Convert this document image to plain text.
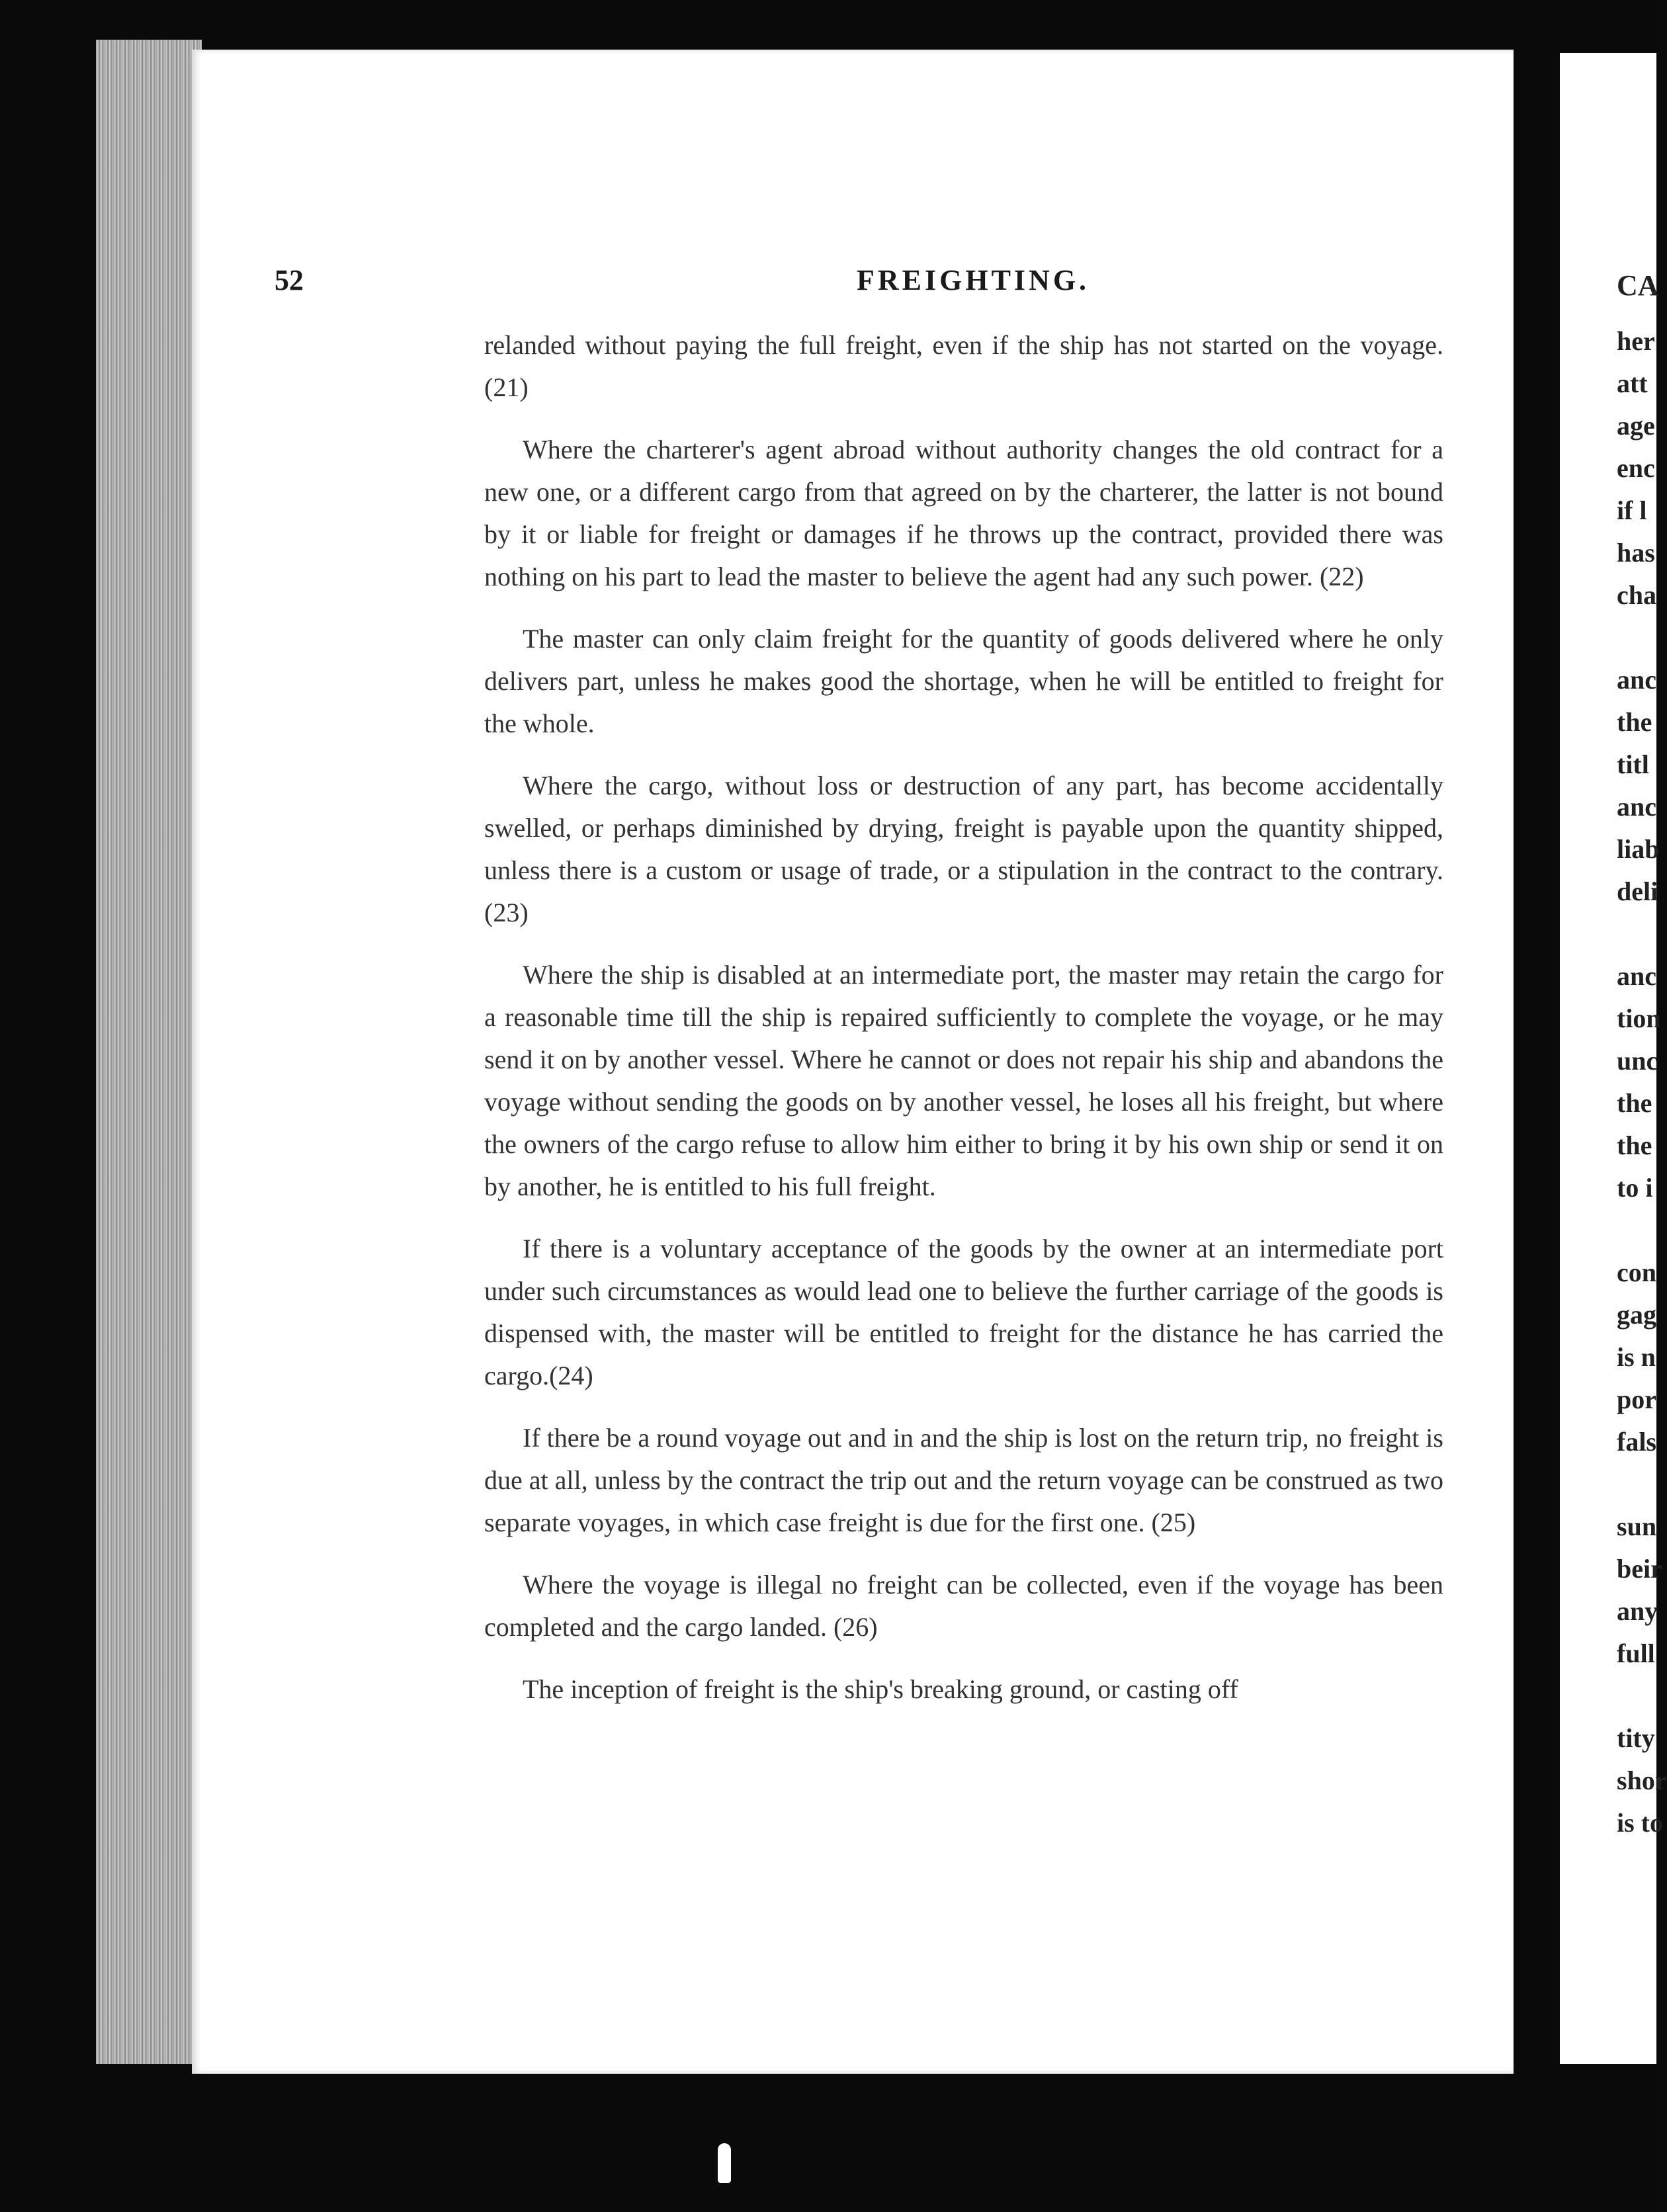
52	FREIGHTING.

relanded without paying the full freight, even if the ship has not started on the voyage. (21)

Where the charterer's agent abroad without authority changes the old contract for a new one, or a different cargo from that agreed on by the charterer, the latter is not bound by it or liable for freight or damages if he throws up the contract, provided there was nothing on his part to lead the master to believe the agent had any such power. (22)

The master can only claim freight for the quantity of goods delivered where he only delivers part, unless he makes good the shortage, when he will be entitled to freight for the whole.

Where the cargo, without loss or destruction of any part, has become accidentally swelled, or perhaps diminished by drying, freight is payable upon the quantity shipped, unless there is a custom or usage of trade, or a stipulation in the contract to the contrary. (23)

Where the ship is disabled at an intermediate port, the master may retain the cargo for a reasonable time till the ship is repaired sufficiently to complete the voyage, or he may send it on by another vessel. Where he cannot or does not repair his ship and abandons the voyage without sending the goods on by another vessel, he loses all his freight, but where the owners of the cargo refuse to allow him either to bring it by his own ship or send it on by another, he is entitled to his full freight.

If there is a voluntary acceptance of the goods by the owner at an intermediate port under such circumstances as would lead one to believe the further carriage of the goods is dispensed with, the master will be entitled to freight for the distance he has carried the cargo.(24)

If there be a round voyage out and in and the ship is lost on the return trip, no freight is due at all, unless by the contract the trip out and the return voyage can be construed as two separate voyages, in which case freight is due for the first one. (25)

Where the voyage is illegal no freight can be collected, even if the voyage has been completed and the cargo landed. (26)

The inception of freight is the ship's breaking ground, or casting off

CA
her
att
age
enc
if l
has
cha

anc
the
titl
anc
liab
deli

anc
tion
unc
the
the
to i

con
gag
is n
por
fals

sun
beir
any
full

tity
shor
is to
